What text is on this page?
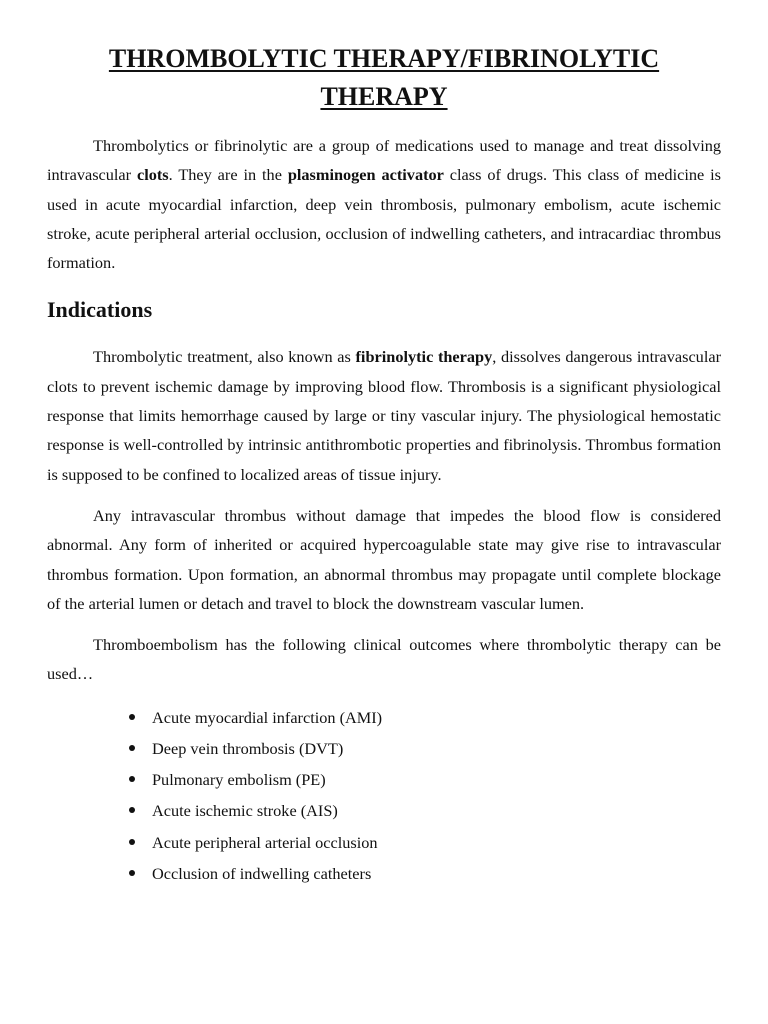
THROMBOLYTIC THERAPY/FIBRINOLYTIC
THERAPY

Thrombolytics or fibrinolytic are a group of medications used to manage and treat dissolving intravascular clots. They are in the plasminogen activator class of drugs. This class of medicine is used in acute myocardial infarction, deep vein thrombosis, pulmonary embolism, acute ischemic stroke, acute peripheral arterial occlusion, occlusion of indwelling catheters, and intracardiac thrombus formation.

Indications

Thrombolytic treatment, also known as fibrinolytic therapy, dissolves dangerous intravascular clots to prevent ischemic damage by improving blood flow. Thrombosis is a significant physiological response that limits hemorrhage caused by large or tiny vascular injury. The physiological hemostatic response is well-controlled by intrinsic antithrombotic properties and fibrinolysis. Thrombus formation is supposed to be confined to localized areas of tissue injury.

Any intravascular thrombus without damage that impedes the blood flow is considered abnormal. Any form of inherited or acquired hypercoagulable state may give rise to intravascular thrombus formation. Upon formation, an abnormal thrombus may propagate until complete blockage of the arterial lumen or detach and travel to block the downstream vascular lumen.

Thromboembolism has the following clinical outcomes where thrombolytic therapy can be used…

Acute myocardial infarction (AMI)
Deep vein thrombosis (DVT)
Pulmonary embolism (PE)
Acute ischemic stroke (AIS)
Acute peripheral arterial occlusion
Occlusion of indwelling catheters
